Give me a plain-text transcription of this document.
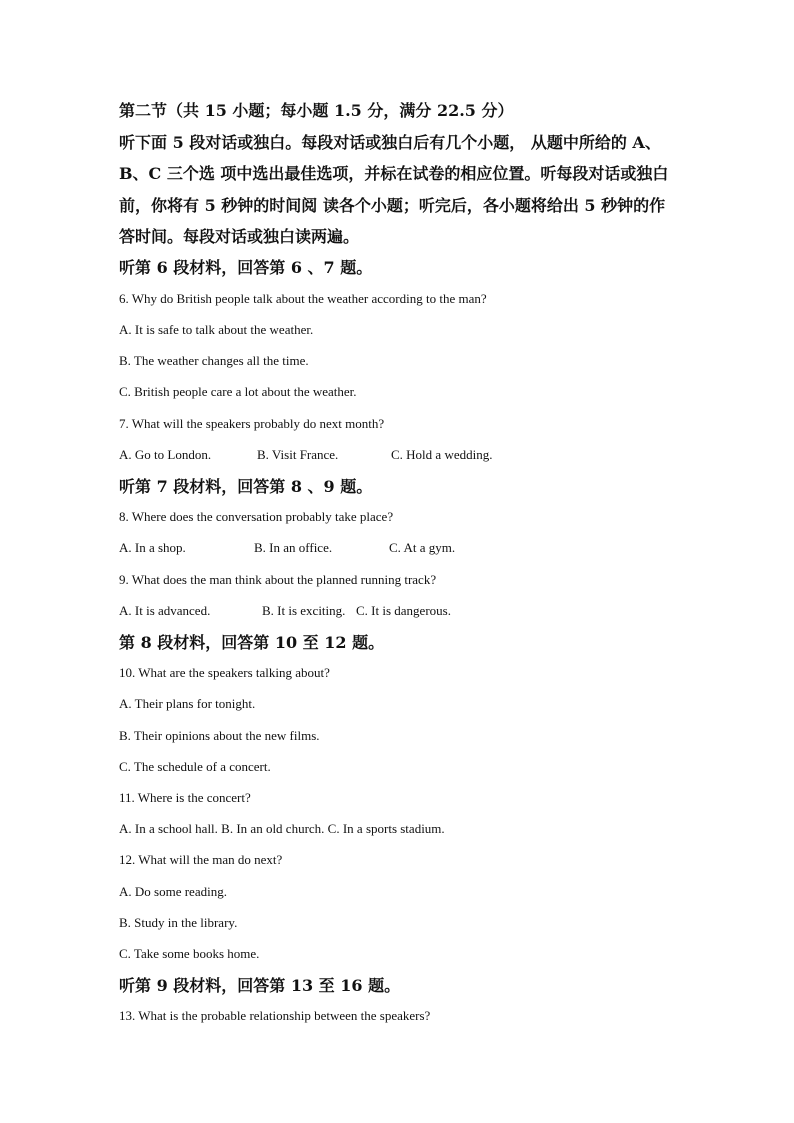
第二节（共 15 小题；每小题 1.5 分，满分 22.5 分）
听下面 5 段对话或独白。每段对话或独白后有几个小题， 从题中所给的 A、
B、C 三个选 项中选出最佳选项，并标在试卷的相应位置。听每段对话或独白
前，你将有 5 秒钟的时间阅 读各个小题；听完后，各小题将给出 5 秒钟的作
答时间。每段对话或独白读两遍。
听第 6 段材料，回答第 6 、7 题。
6. Why do British people talk about the weather according to the man?
A. It is safe to talk about the weather.
B. The weather changes all the time.
C. British people care a lot about the weather.
7. What will the speakers probably do next month?
A. Go to London.	B. Visit France.	C. Hold a wedding.
听第 7 段材料，回答第 8 、9 题。
8. Where does the conversation probably take place?
A. In a shop.	B. In an office.	C. At a gym.
9. What does the man think about the planned running track?
A. It is advanced.	B. It is exciting. C. It is dangerous.
第 8 段材料，回答第 10 至 12 题。
10. What are the speakers talking about?
A. Their plans for tonight.
B. Their opinions about the new films.
C. The schedule of a concert.
11. Where is the concert?
A. In a school hall. B. In an old church. C. In a sports stadium.
12. What will the man do next?
A. Do some reading.
B. Study in the library.
C. Take some books home.
听第 9 段材料，回答第 13 至 16 题。
13. What is the probable relationship between the speakers?
